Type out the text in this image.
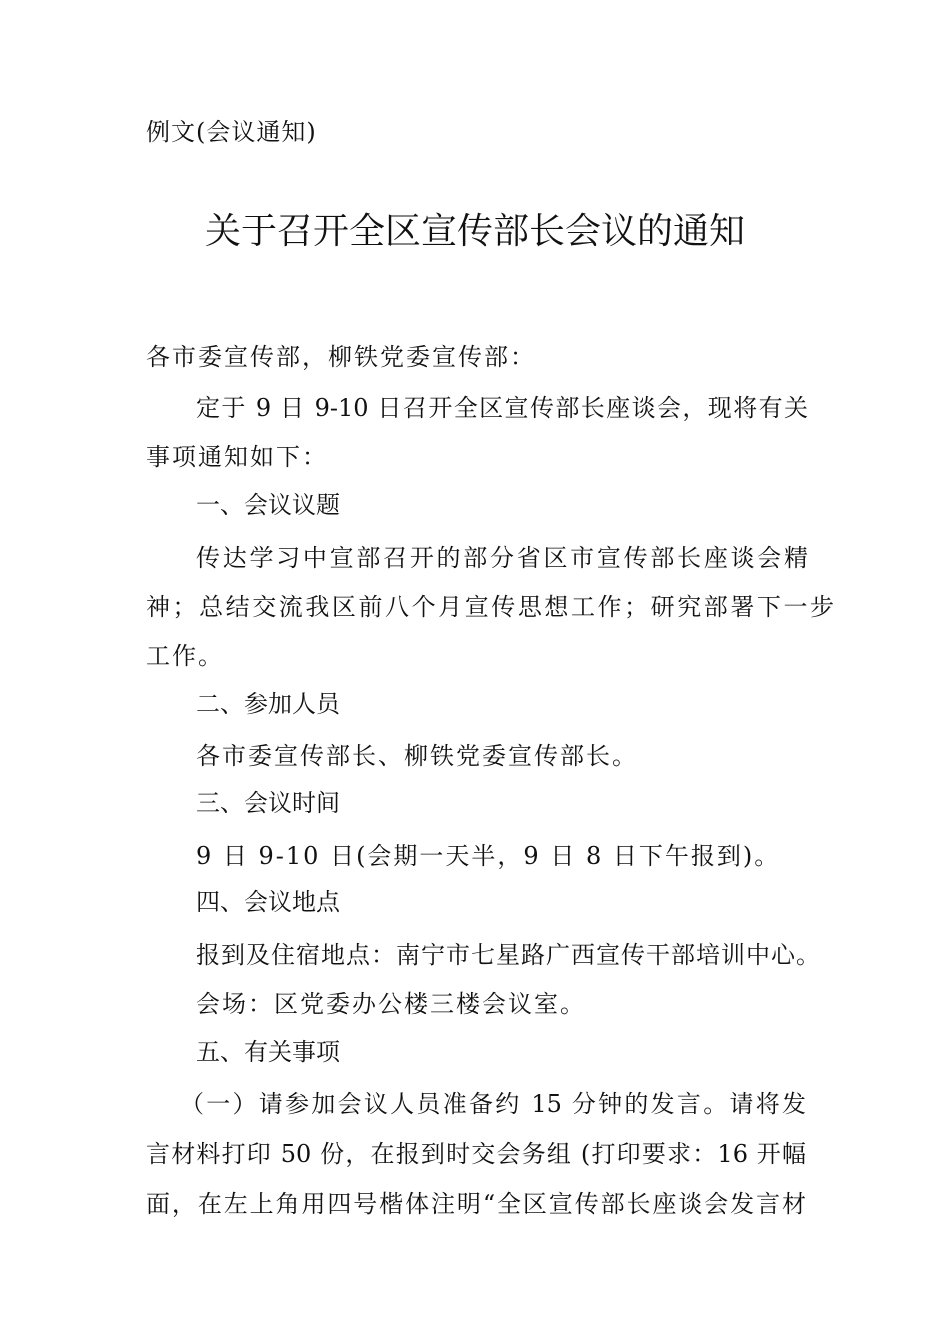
例文(会议通知)
关于召开全区宣传部长会议的通知
各市委宣传部，柳铁党委宣传部：
定于 9 日 9-10 日召开全区宣传部长座谈会，现将有关
事项通知如下：
一、会议议题
传达学习中宣部召开的部分省区市宣传部长座谈会精
神；总结交流我区前八个月宣传思想工作；研究部署下一步
工作。
二、参加人员
各市委宣传部长、柳铁党委宣传部长。
三、会议时间
9 日 9-10 日(会期一天半，9 日 8 日下午报到)。
四、会议地点
报到及住宿地点：南宁市七星路广西宣传干部培训中心。
会场：区党委办公楼三楼会议室。
五、有关事项
（一）请参加会议人员准备约 15 分钟的发言。请将发
言材料打印 50 份，在报到时交会务组 (打印要求：16 开幅
面，在左上角用四号楷体注明“全区宣传部长座谈会发言材
